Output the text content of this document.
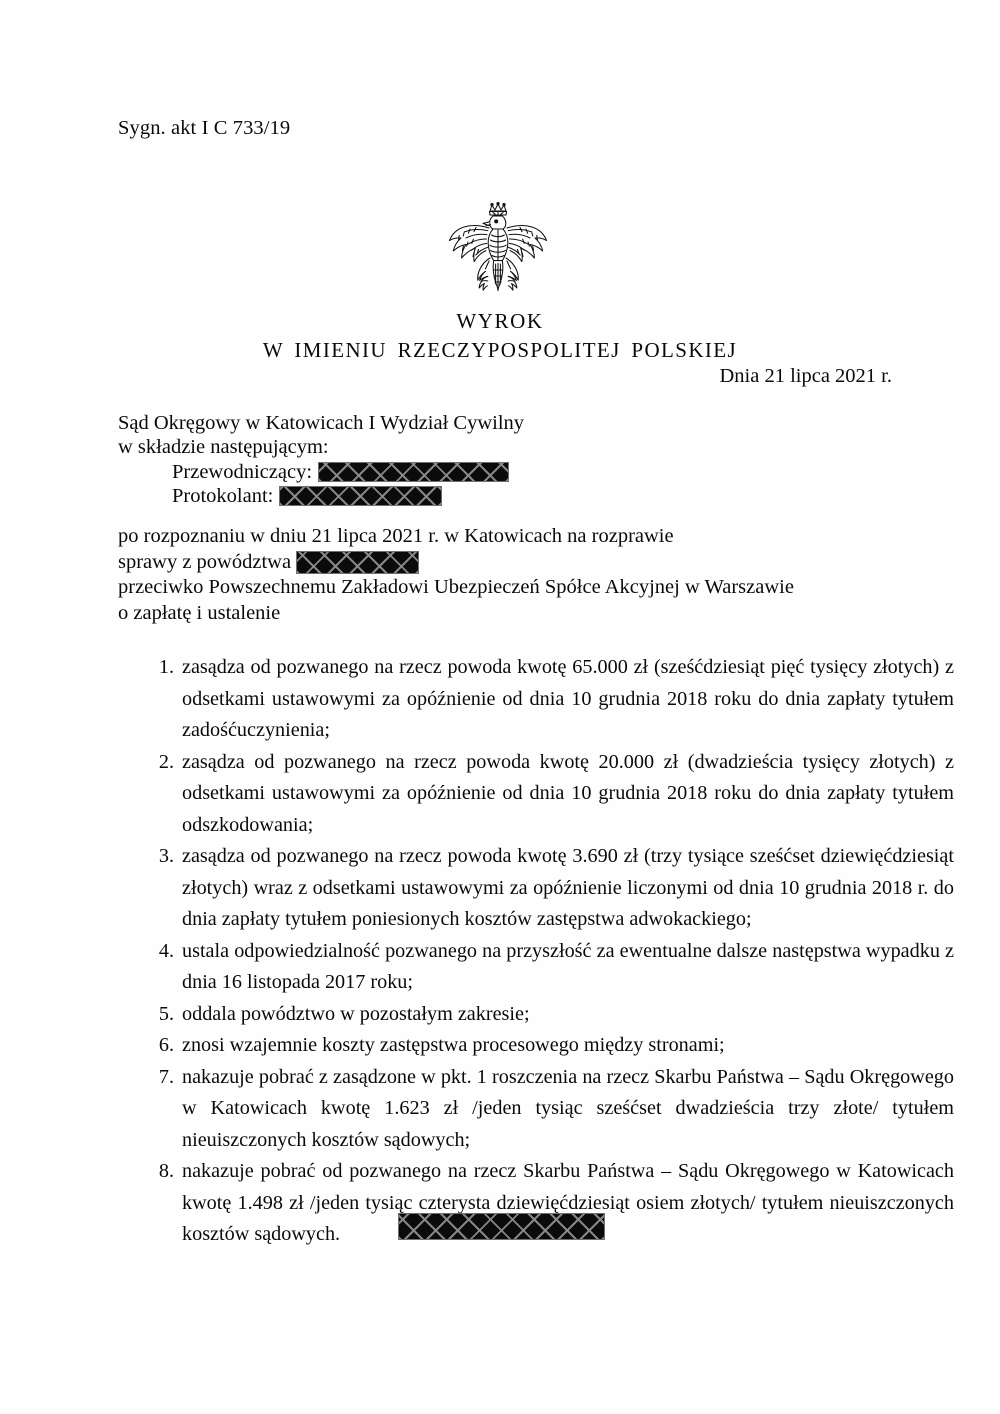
Sygn. akt I C 733/19
WYROK
W IMIENIU RZECZYPOSPOLITEJ POLSKIEJ
Dnia 21 lipca 2021 r.
Sąd Okręgowy w Katowicach I Wydział Cywilny
w składzie następującym:
Przewodniczący:
Protokolant:
po rozpoznaniu w dniu 21 lipca 2021 r. w Katowicach na rozprawie
sprawy z powództwa
przeciwko Powszechnemu Zakładowi Ubezpieczeń Spółce Akcyjnej w Warszawie
o zapłatę i ustalenie
1. zasądza od pozwanego na rzecz powoda kwotę 65.000 zł (sześćdziesiąt pięć tysięcy złotych) z odsetkami ustawowymi za opóźnienie od dnia 10 grudnia 2018 roku do dnia zapłaty tytułem zadośćuczynienia;
2. zasądza od pozwanego na rzecz powoda kwotę 20.000 zł (dwadzieścia tysięcy złotych) z odsetkami ustawowymi za opóźnienie od dnia 10 grudnia 2018 roku do dnia zapłaty tytułem odszkodowania;
3. zasądza od pozwanego na rzecz powoda kwotę 3.690 zł (trzy tysiące sześćset dziewięćdziesiąt złotych) wraz z odsetkami ustawowymi za opóźnienie liczonymi od dnia 10 grudnia 2018 r. do dnia zapłaty tytułem poniesionych kosztów zastępstwa adwokackiego;
4. ustala odpowiedzialność pozwanego na przyszłość za ewentualne dalsze następstwa wypadku z dnia 16 listopada 2017 roku;
5. oddala powództwo w pozostałym zakresie;
6. znosi wzajemnie koszty zastępstwa procesowego między stronami;
7. nakazuje pobrać z zasądzone w pkt. 1 roszczenia na rzecz Skarbu Państwa – Sądu Okręgowego w Katowicach kwotę 1.623 zł /jeden tysiąc sześćset dwadzieścia trzy złote/ tytułem nieuiszczonych kosztów sądowych;
8. nakazuje pobrać od pozwanego na rzecz Skarbu Państwa – Sądu Okręgowego w Katowicach kwotę 1.498 zł /jeden tysiąc czterysta dziewięćdziesiąt osiem złotych/ tytułem nieuiszczonych kosztów sądowych.
